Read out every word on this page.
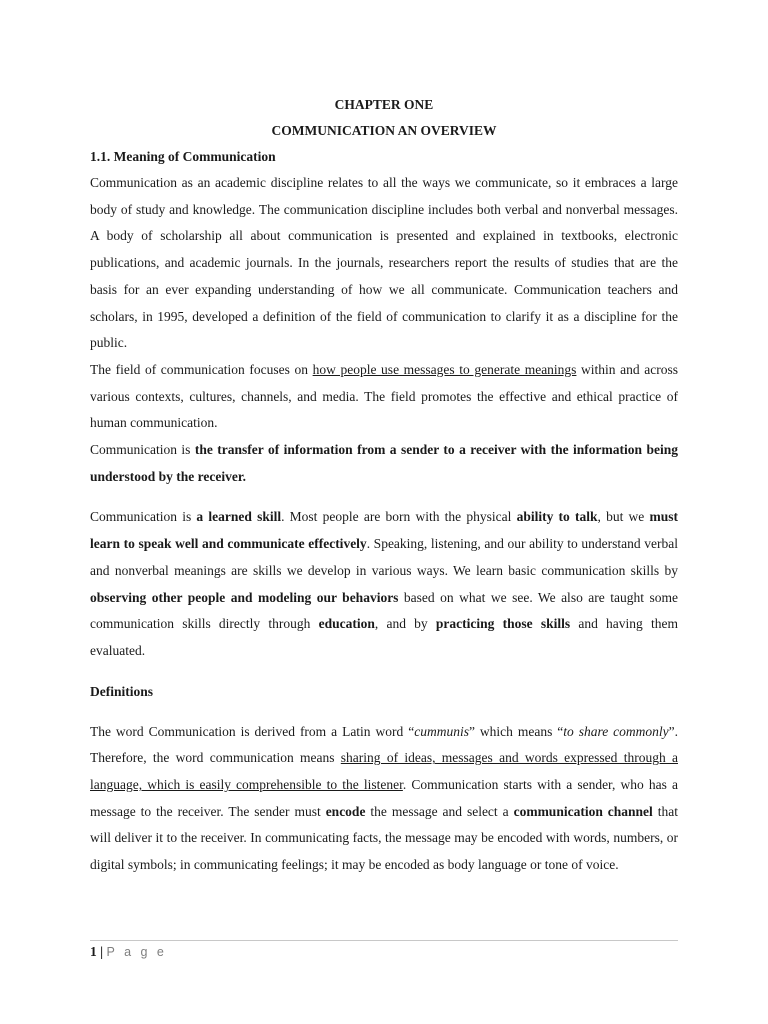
CHAPTER ONE

COMMUNICATION AN OVERVIEW

1.1. Meaning of Communication

Communication as an academic discipline relates to all the ways we communicate, so it embraces a large body of study and knowledge. The communication discipline includes both verbal and nonverbal messages. A body of scholarship all about communication is presented and explained in textbooks, electronic publications, and academic journals. In the journals, researchers report the results of studies that are the basis for an ever expanding understanding of how we all communicate. Communication teachers and scholars, in 1995, developed a definition of the field of communication to clarify it as a discipline for the public.

The field of communication focuses on how people use messages to generate meanings within and across various contexts, cultures, channels, and media. The field promotes the effective and ethical practice of human communication.

Communication is the transfer of information from a sender to a receiver with the information being understood by the receiver.

Communication is a learned skill. Most people are born with the physical ability to talk, but we must learn to speak well and communicate effectively. Speaking, listening, and our ability to understand verbal and nonverbal meanings are skills we develop in various ways. We learn basic communication skills by observing other people and modeling our behaviors based on what we see. We also are taught some communication skills directly through education, and by practicing those skills and having them evaluated.

Definitions

The word Communication is derived from a Latin word “cummunis” which means “to share commonly”. Therefore, the word communication means sharing of ideas, messages and words expressed through a language, which is easily comprehensible to the listener. Communication starts with a sender, who has a message to the receiver. The sender must encode the message and select a communication channel that will deliver it to the receiver. In communicating facts, the message may be encoded with words, numbers, or digital symbols; in communicating feelings; it may be encoded as body language or tone of voice.

1 | P a g e
